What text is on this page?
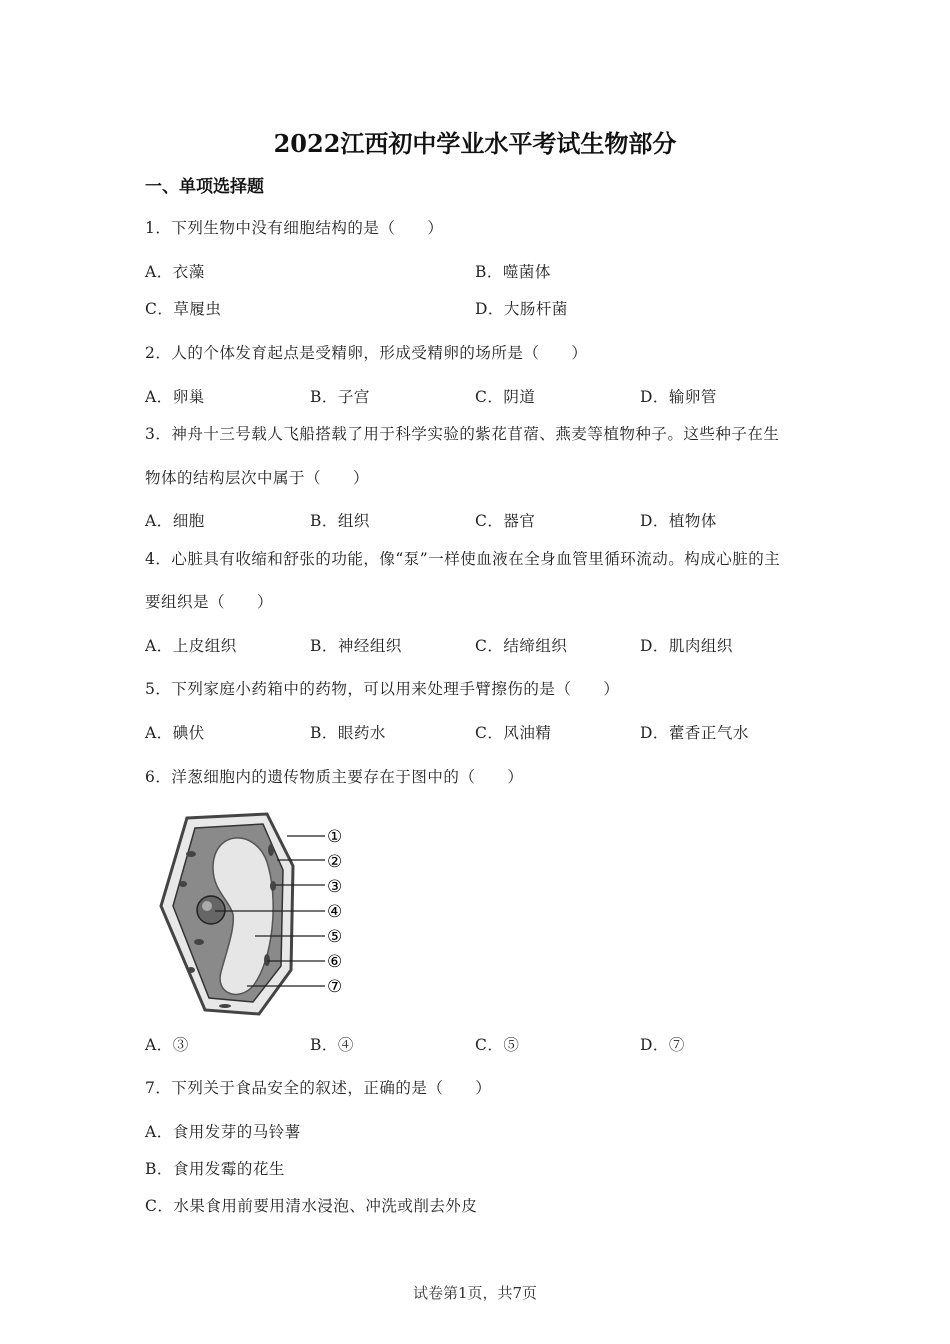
2022江西初中学业水平考试生物部分
一、单项选择题
1．下列生物中没有细胞结构的是（　　）
A．衣藻	B．噬菌体
C．草履虫	D．大肠杆菌
2．人的个体发育起点是受精卵，形成受精卵的场所是（　　）
A．卵巢	B．子宫	C．阴道	D．输卵管
3．神舟十三号载人飞船搭载了用于科学实验的紫花苜蓿、燕麦等植物种子。这些种子在生
物体的结构层次中属于（　　）
A．细胞	B．组织	C．器官	D．植物体
4．心脏具有收缩和舒张的功能，像“泵”一样使血液在全身血管里循环流动。构成心脏的主
要组织是（　　）
A．上皮组织	B．神经组织	C．结缔组织	D．肌肉组织
5．下列家庭小药箱中的药物，可以用来处理手臂擦伤的是（　　）
A．碘伏	B．眼药水	C．风油精	D．藿香正气水
6．洋葱细胞内的遗传物质主要存在于图中的（　　）
①
②
③
④
⑤
⑥
⑦
A．③	B．④	C．⑤	D．⑦
7．下列关于食品安全的叙述，正确的是（　　）
A．食用发芽的马铃薯
B．食用发霉的花生
C．水果食用前要用清水浸泡、冲洗或削去外皮
试卷第1页，共7页
